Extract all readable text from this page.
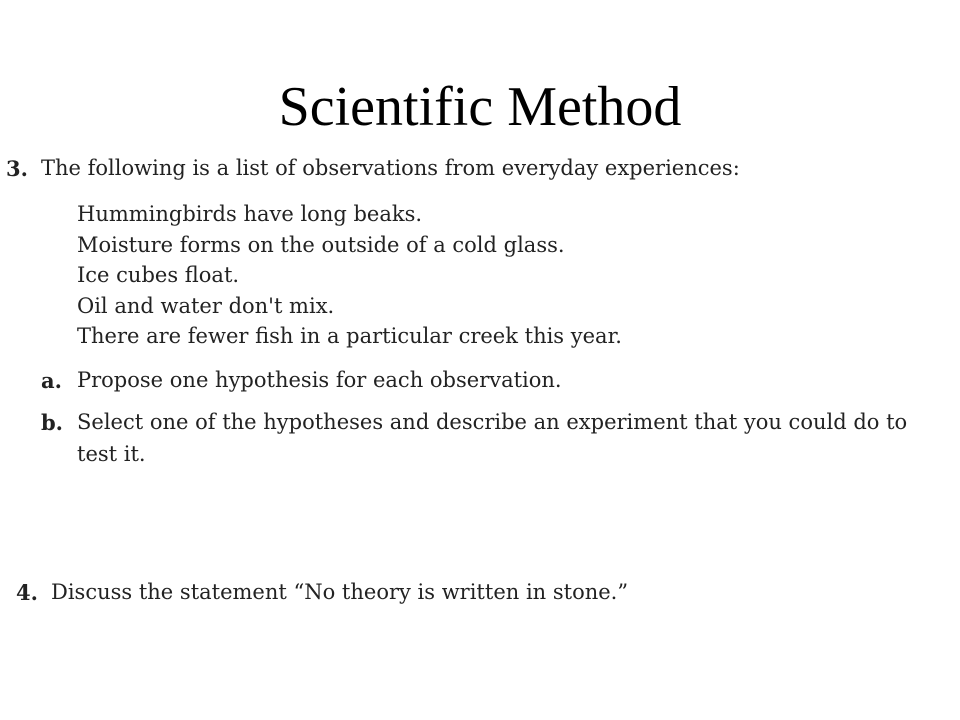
Scientific Method
3. The following is a list of observations from everyday experiences:
Hummingbirds have long beaks.
Moisture forms on the outside of a cold glass.
Ice cubes float.
Oil and water don't mix.
There are fewer fish in a particular creek this year.
a. Propose one hypothesis for each observation.
b. Select one of the hypotheses and describe an experiment that you could do to test it.
4. Discuss the statement “No theory is written in stone.”
